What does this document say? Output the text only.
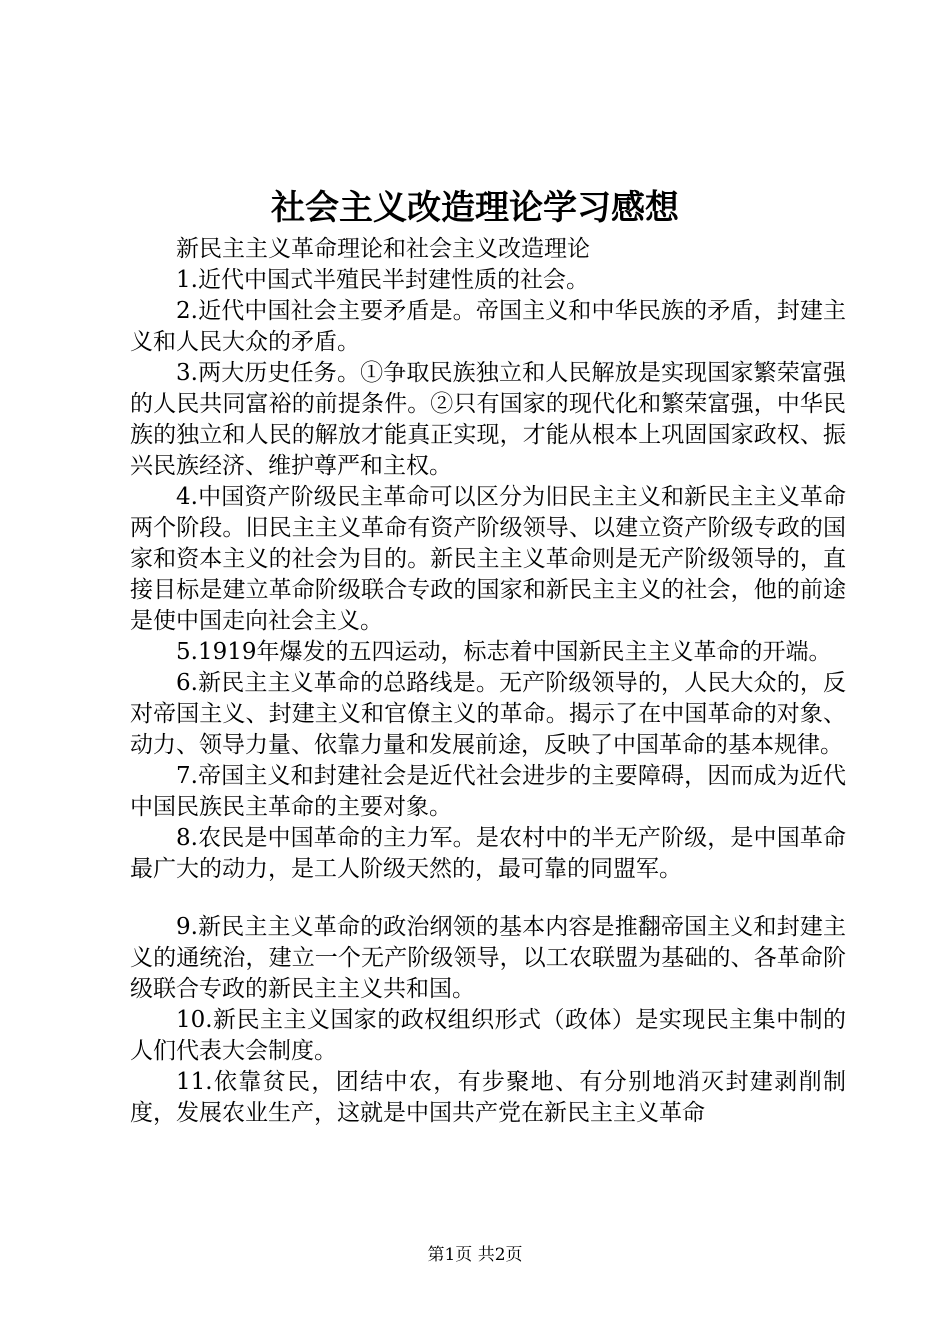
社会主义改造理论学习感想

新民主主义革命理论和社会主义改造理论

1.近代中国式半殖民半封建性质的社会。

2.近代中国社会主要矛盾是。帝国主义和中华民族的矛盾，封建主义和人民大众的矛盾。

3.两大历史任务。①争取民族独立和人民解放是实现国家繁荣富强的人民共同富裕的前提条件。②只有国家的现代化和繁荣富强，中华民族的独立和人民的解放才能真正实现，才能从根本上巩固国家政权、振兴民族经济、维护尊严和主权。

4.中国资产阶级民主革命可以区分为旧民主主义和新民主主义革命两个阶段。旧民主主义革命有资产阶级领导、以建立资产阶级专政的国家和资本主义的社会为目的。新民主主义革命则是无产阶级领导的，直接目标是建立革命阶级联合专政的国家和新民主主义的社会，他的前途是使中国走向社会主义。

5.1919年爆发的五四运动，标志着中国新民主主义革命的开端。

6.新民主主义革命的总路线是。无产阶级领导的，人民大众的，反对帝国主义、封建主义和官僚主义的革命。揭示了在中国革命的对象、动力、领导力量、依靠力量和发展前途，反映了中国革命的基本规律。

7.帝国主义和封建社会是近代社会进步的主要障碍，因而成为近代中国民族民主革命的主要对象。

8.农民是中国革命的主力军。是农村中的半无产阶级，是中国革命最广大的动力，是工人阶级天然的，最可靠的同盟军。

9.新民主主义革命的政治纲领的基本内容是推翻帝国主义和封建主义的通统治，建立一个无产阶级领导，以工农联盟为基础的、各革命阶级联合专政的新民主主义共和国。

10.新民主主义国家的政权组织形式（政体）是实现民主集中制的人们代表大会制度。

11.依靠贫民，团结中农，有步聚地、有分别地消灭封建剥削制度，发展农业生产，这就是中国共产党在新民主主义革命

第1页 共2页
